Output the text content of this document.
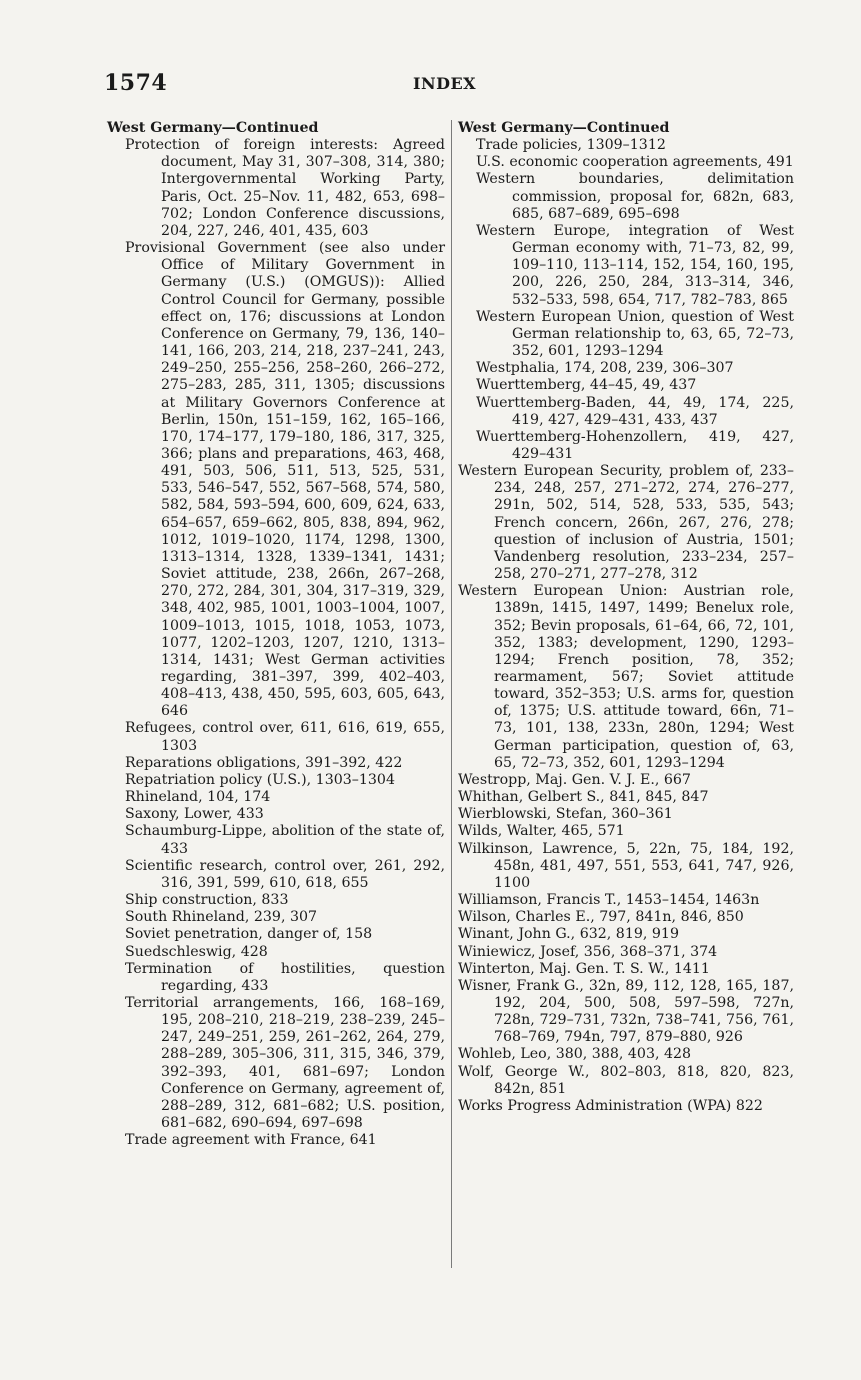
1574	INDEX

West Germany—Continued

Protection of foreign interests: Agreed document, May 31, 307–308, 314, 380; Intergovernmental Working Party, Paris, Oct. 25–Nov. 11, 482, 653, 698–702; London Conference discussions, 204, 227, 246, 401, 435, 603

Provisional Government (see also under Office of Military Government in Germany (U.S.) (OMGUS)): Allied Control Council for Germany, possible effect on, 176; discussions at London Conference on Germany, 79, 136, 140–141, 166, 203, 214, 218, 237–241, 243, 249–250, 255–256, 258–260, 266–272, 275–283, 285, 311, 1305; discussions at Military Governors Conference at Berlin, 150n, 151–159, 162, 165–166, 170, 174–177, 179–180, 186, 317, 325, 366; plans and preparations, 463, 468, 491, 503, 506, 511, 513, 525, 531, 533, 546–547, 552, 567–568, 574, 580, 582, 584, 593–594, 600, 609, 624, 633, 654–657, 659–662, 805, 838, 894, 962, 1012, 1019–1020, 1174, 1298, 1300, 1313–1314, 1328, 1339–1341, 1431; Soviet attitude, 238, 266n, 267–268, 270, 272, 284, 301, 304, 317–319, 329, 348, 402, 985, 1001, 1003–1004, 1007, 1009–1013, 1015, 1018, 1053, 1073, 1077, 1202–1203, 1207, 1210, 1313–1314, 1431; West German activities regarding, 381–397, 399, 402–403, 408–413, 438, 450, 595, 603, 605, 643, 646

Refugees, control over, 611, 616, 619, 655, 1303

Reparations obligations, 391–392, 422

Repatriation policy (U.S.), 1303–1304

Rhineland, 104, 174

Saxony, Lower, 433

Schaumburg-Lippe, abolition of the state of, 433

Scientific research, control over, 261, 292, 316, 391, 599, 610, 618, 655

Ship construction, 833

South Rhineland, 239, 307

Soviet penetration, danger of, 158

Suedschleswig, 428

Termination of hostilities, question regarding, 433

Territorial arrangements, 166, 168–169, 195, 208–210, 218–219, 238–239, 245–247, 249–251, 259, 261–262, 264, 279, 288–289, 305–306, 311, 315, 346, 379, 392–393, 401, 681–697; London Conference on Germany, agreement of, 288–289, 312, 681–682; U.S. position, 681–682, 690–694, 697–698

Trade agreement with France, 641

West Germany—Continued

Trade policies, 1309–1312

U.S. economic cooperation agreements, 491

Western boundaries, delimitation commission, proposal for, 682n, 683, 685, 687–689, 695–698

Western Europe, integration of West German economy with, 71–73, 82, 99, 109–110, 113–114, 152, 154, 160, 195, 200, 226, 250, 284, 313–314, 346, 532–533, 598, 654, 717, 782–783, 865

Western European Union, question of West German relationship to, 63, 65, 72–73, 352, 601, 1293–1294

Westphalia, 174, 208, 239, 306–307

Wuerttemberg, 44–45, 49, 437

Wuerttemberg-Baden, 44, 49, 174, 225, 419, 427, 429–431, 433, 437

Wuerttemberg-Hohenzollern, 419, 427, 429–431

Western European Security, problem of, 233–234, 248, 257, 271–272, 274, 276–277, 291n, 502, 514, 528, 533, 535, 543; French concern, 266n, 267, 276, 278; question of inclusion of Austria, 1501; Vandenberg resolution, 233–234, 257–258, 270–271, 277–278, 312

Western European Union: Austrian role, 1389n, 1415, 1497, 1499; Benelux role, 352; Bevin proposals, 61–64, 66, 72, 101, 352, 1383; development, 1290, 1293–1294; French position, 78, 352; rearmament, 567; Soviet attitude toward, 352–353; U.S. arms for, question of, 1375; U.S. attitude toward, 66n, 71–73, 101, 138, 233n, 280n, 1294; West German participation, question of, 63, 65, 72–73, 352, 601, 1293–1294

Westropp, Maj. Gen. V. J. E., 667

Whithan, Gelbert S., 841, 845, 847

Wierblowski, Stefan, 360–361

Wilds, Walter, 465, 571

Wilkinson, Lawrence, 5, 22n, 75, 184, 192, 458n, 481, 497, 551, 553, 641, 747, 926, 1100

Williamson, Francis T., 1453–1454, 1463n

Wilson, Charles E., 797, 841n, 846, 850

Winant, John G., 632, 819, 919

Winiewicz, Josef, 356, 368–371, 374

Winterton, Maj. Gen. T. S. W., 1411

Wisner, Frank G., 32n, 89, 112, 128, 165, 187, 192, 204, 500, 508, 597–598, 727n, 728n, 729–731, 732n, 738–741, 756, 761, 768–769, 794n, 797, 879–880, 926

Wohleb, Leo, 380, 388, 403, 428

Wolf, George W., 802–803, 818, 820, 823, 842n, 851

Works Progress Administration (WPA) 822
